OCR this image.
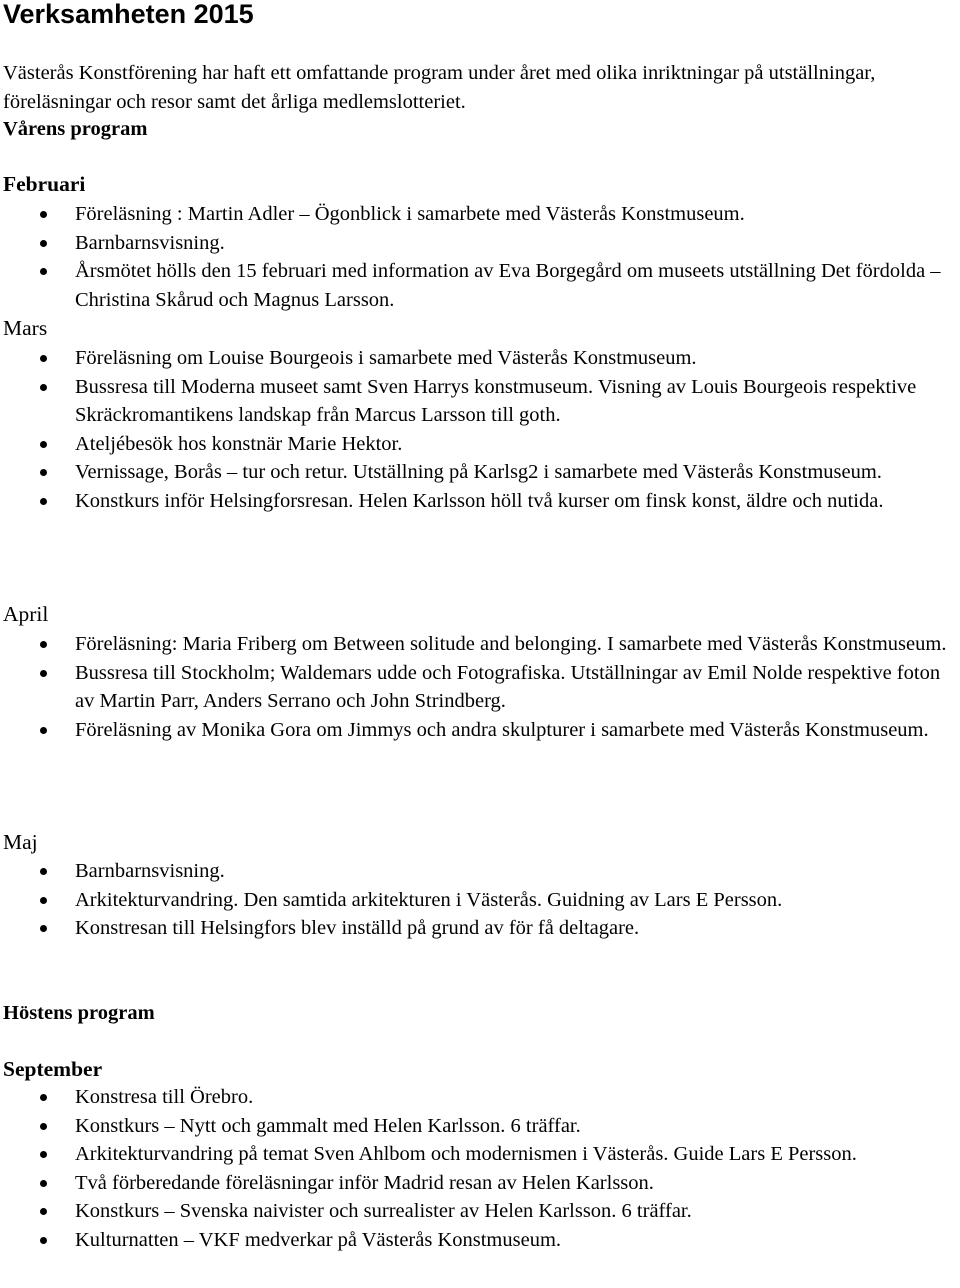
Verksamheten 2015
Västerås Konstförening har haft ett omfattande program under året med olika inriktningar på utställningar, föreläsningar och resor samt det årliga medlemslotteriet.
Vårens program
Februari
Föreläsning : Martin Adler – Ögonblick i samarbete med Västerås Konstmuseum.
Barnbarnsvisning.
Årsmötet hölls den 15 februari med information av Eva Borgegård om museets utställning Det fördolda – Christina Skårud och Magnus Larsson.
Mars
Föreläsning om Louise Bourgeois i samarbete med Västerås Konstmuseum.
Bussresa till Moderna museet samt Sven Harrys konstmuseum. Visning av Louis Bourgeois respektive Skräckromantikens landskap från Marcus Larsson till goth.
Ateljébesök hos konstnär Marie Hektor.
Vernissage, Borås – tur och retur. Utställning på Karlsg2 i samarbete med Västerås Konstmuseum.
Konstkurs inför Helsingforsresan. Helen Karlsson höll två kurser om finsk konst, äldre och nutida.
April
Föreläsning: Maria Friberg om Between solitude and belonging. I samarbete med Västerås Konstmuseum.
Bussresa till Stockholm; Waldemars udde och Fotografiska. Utställningar av Emil Nolde respektive foton av Martin Parr, Anders Serrano och John Strindberg.
Föreläsning av Monika Gora om Jimmys och andra skulpturer i samarbete med Västerås Konstmuseum.
Maj
Barnbarnsvisning.
Arkitekturvandring. Den samtida arkitekturen i Västerås. Guidning av Lars E Persson.
Konstresan till Helsingfors blev inställd på grund av för få deltagare.
Höstens program
September
Konstresa till Örebro.
Konstkurs – Nytt och gammalt med Helen Karlsson. 6 träffar.
Arkitekturvandring på temat Sven Ahlbom och modernismen i Västerås. Guide Lars E Persson.
Två förberedande föreläsningar inför Madrid resan av Helen Karlsson.
Konstkurs – Svenska naivister och surrealister av Helen Karlsson. 6 träffar.
Kulturnatten – VKF medverkar på Västerås Konstmuseum.
